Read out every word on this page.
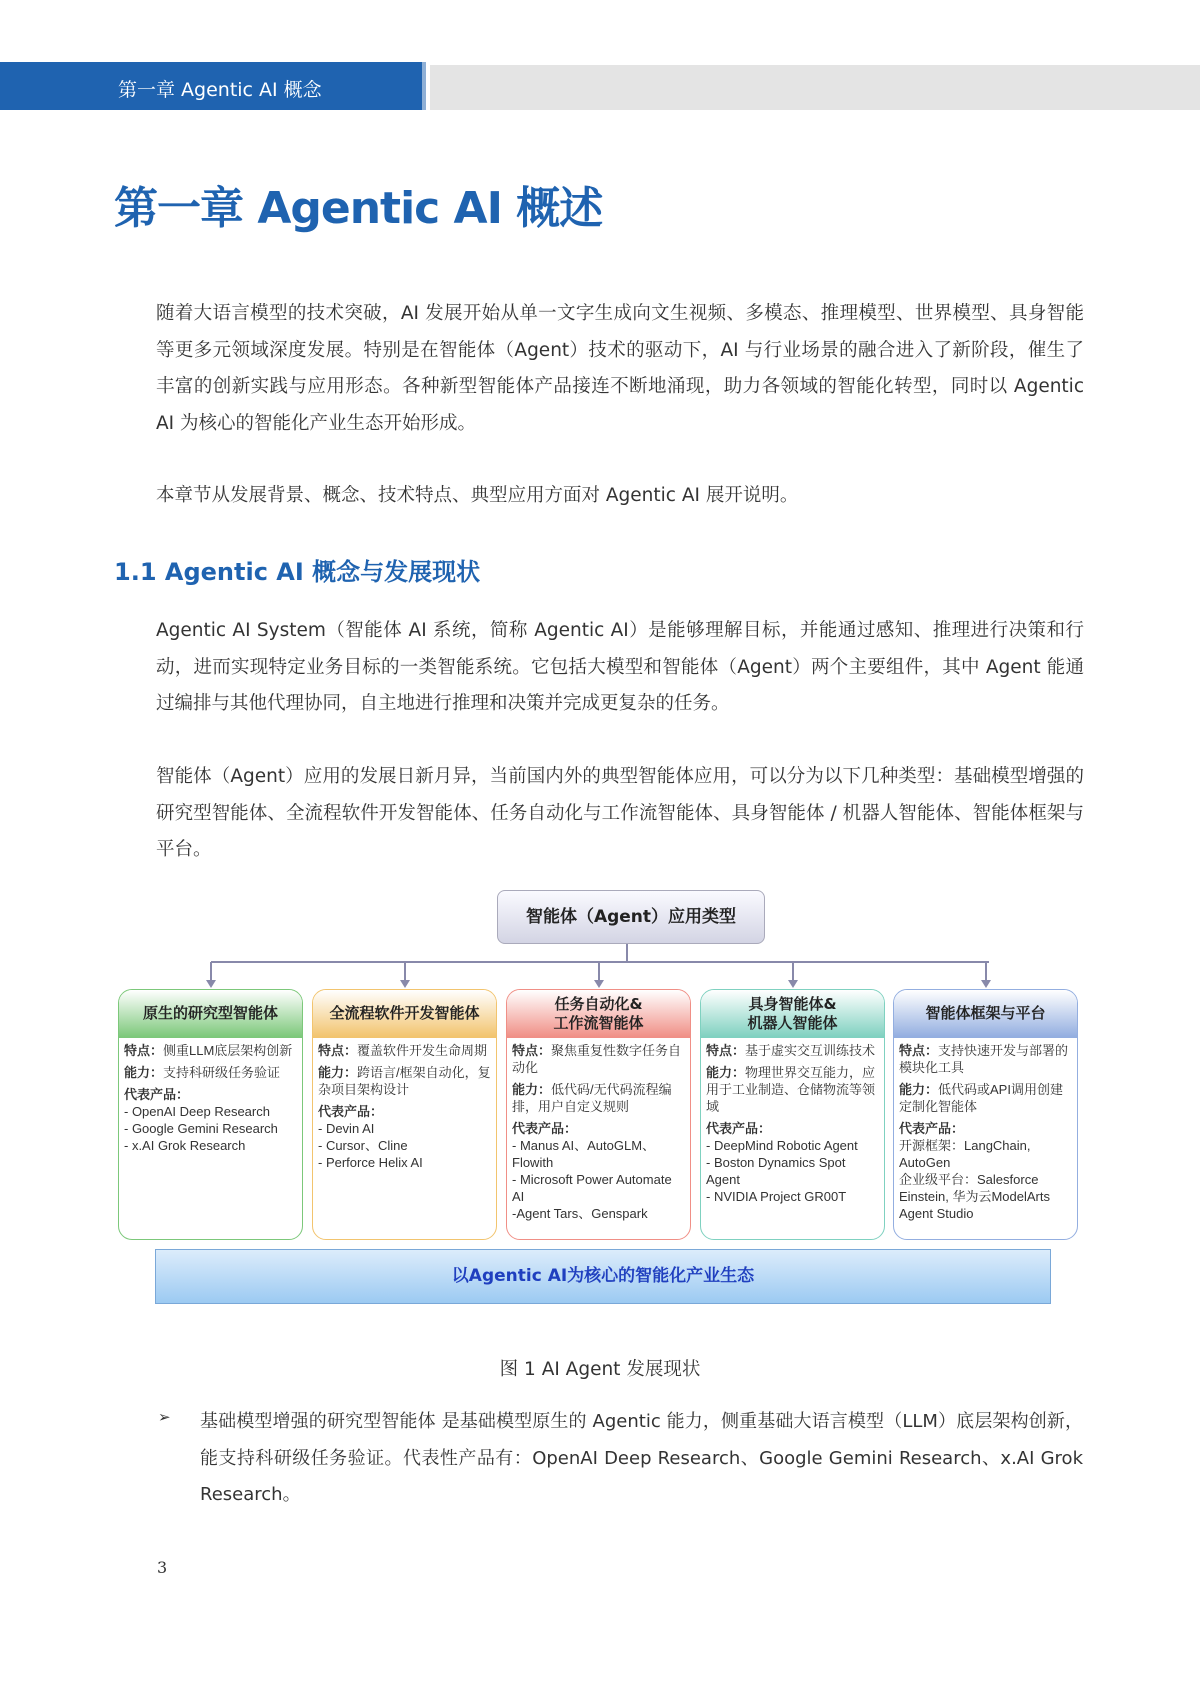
第一章 Agentic AI 概念
第一章 Agentic AI 概述
随着大语言模型的技术突破，AI 发展开始从单一文字生成向文生视频、多模态、推理模型、世界模型、具身智能等更多元领域深度发展。特别是在智能体（Agent）技术的驱动下，AI 与行业场景的融合进入了新阶段，催生了丰富的创新实践与应用形态。各种新型智能体产品接连不断地涌现，助力各领域的智能化转型，同时以 Agentic AI 为核心的智能化产业生态开始形成。
本章节从发展背景、概念、技术特点、典型应用方面对 Agentic AI 展开说明。
1.1 Agentic AI 概念与发展现状
Agentic AI System（智能体 AI 系统，简称 Agentic AI）是能够理解目标，并能通过感知、推理进行决策和行动，进而实现特定业务目标的一类智能系统。它包括大模型和智能体（Agent）两个主要组件，其中 Agent 能通过编排与其他代理协同，自主地进行推理和决策并完成更复杂的任务。
智能体（Agent）应用的发展日新月异，当前国内外的典型智能体应用，可以分为以下几种类型：基础模型增强的研究型智能体、全流程软件开发智能体、任务自动化与工作流智能体、具身智能体 / 机器人智能体、智能体框架与平台。
智能体（Agent）应用类型
原生的研究型智能体
特点：侧重LLM底层架构创新
能力：支持科研级任务验证
代表产品：
- OpenAI Deep Research
- Google Gemini Research
- x.AI Grok Research
全流程软件开发智能体
特点：覆盖软件开发生命周期
能力：跨语言/框架自动化，复杂项目架构设计
代表产品：
- Devin AI
- Cursor、Cline
- Perforce Helix AI
任务自动化&
工作流智能体
特点：聚焦重复性数字任务自动化
能力：低代码/无代码流程编排，用户自定义规则
代表产品：
- Manus AI、AutoGLM、Flowith
- Microsoft Power Automate AI
-Agent Tars、Genspark
具身智能体&
机器人智能体
特点：基于虚实交互训练技术
能力：物理世界交互能力，应用于工业制造、仓储物流等领域
代表产品：
- DeepMind Robotic Agent
- Boston Dynamics Spot Agent
- NVIDIA Project GR00T
智能体框架与平台
特点：支持快速开发与部署的模块化工具
能力：低代码或API调用创建定制化智能体
代表产品：
开源框架：LangChain, AutoGen
企业级平台：Salesforce Einstein, 华为云ModelArts Agent Studio
以Agentic AI为核心的智能化产业生态
图 1 AI Agent 发展现状
➢ 基础模型增强的研究型智能体 是基础模型原生的 Agentic 能力，侧重基础大语言模型（LLM）底层架构创新，能支持科研级任务验证。代表性产品有：OpenAI Deep Research、Google Gemini Research、x.AI Grok Research。
3
